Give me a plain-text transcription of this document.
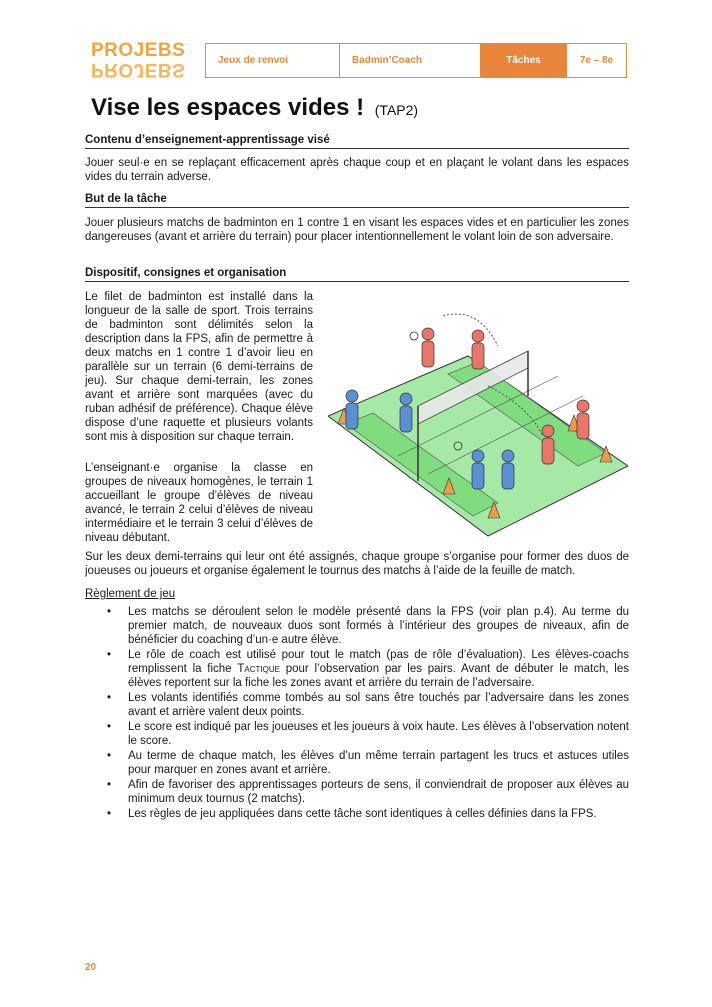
PROJEBS
PROJEBS	Jeux de renvoi	Badmin’Coach	Tâches	7e – 8e
Vise les espaces vides ! (TAP2)
Contenu d’enseignement-apprentissage visé
Jouer seul·e en se replaçant efficacement après chaque coup et en plaçant le volant dans les espaces vides du terrain adverse.
But de la tâche
Jouer plusieurs matchs de badminton en 1 contre 1 en visant les espaces vides et en particulier les zones dangereuses (avant et arrière du terrain) pour placer intentionnellement le volant loin de son adversaire.
Dispositif, consignes et organisation
Le filet de badminton est installé dans la longueur de la salle de sport. Trois terrains de badminton sont délimités selon la description dans la FPS, afin de permettre à deux matchs en 1 contre 1 d’avoir lieu en parallèle sur un terrain (6 demi-terrains de jeu). Sur chaque demi-terrain, les zones avant et arrière sont marquées (avec du ruban adhésif de préférence). Chaque élève dispose d’une raquette et plusieurs volants sont mis à disposition sur chaque terrain.
L’enseignant·e organise la classe en groupes de niveaux homogènes, le terrain 1 accueillant le groupe d’élèves de niveau avancé, le terrain 2 celui d’élèves de niveau intermédiaire et le terrain 3 celui d’élèves de niveau débutant.
Sur les deux demi-terrains qui leur ont été assignés, chaque groupe s’organise pour former des duos de joueuses ou joueurs et organise également le tournus des matchs à l’aide de la feuille de match.
Règlement de jeu
• Les matchs se déroulent selon le modèle présenté dans la FPS (voir plan p.4). Au terme du premier match, de nouveaux duos sont formés à l’intérieur des groupes de niveaux, afin de bénéficier du coaching d’un·e autre élève.
• Le rôle de coach est utilisé pour tout le match (pas de rôle d’évaluation). Les élèves-coachs remplissent la fiche Tactique pour l’observation par les pairs. Avant de débuter le match, les élèves reportent sur la fiche les zones avant et arrière du terrain de l’adversaire.
• Les volants identifiés comme tombés au sol sans être touchés par l’adversaire dans les zones avant et arrière valent deux points.
• Le score est indiqué par les joueuses et les joueurs à voix haute. Les élèves à l’observation notent le score.
• Au terme de chaque match, les élèves d’un même terrain partagent les trucs et astuces utiles pour marquer en zones avant et arrière.
• Afin de favoriser des apprentissages porteurs de sens, il conviendrait de proposer aux élèves au minimum deux tournus (2 matchs).
• Les règles de jeu appliquées dans cette tâche sont identiques à celles définies dans la FPS.
20
